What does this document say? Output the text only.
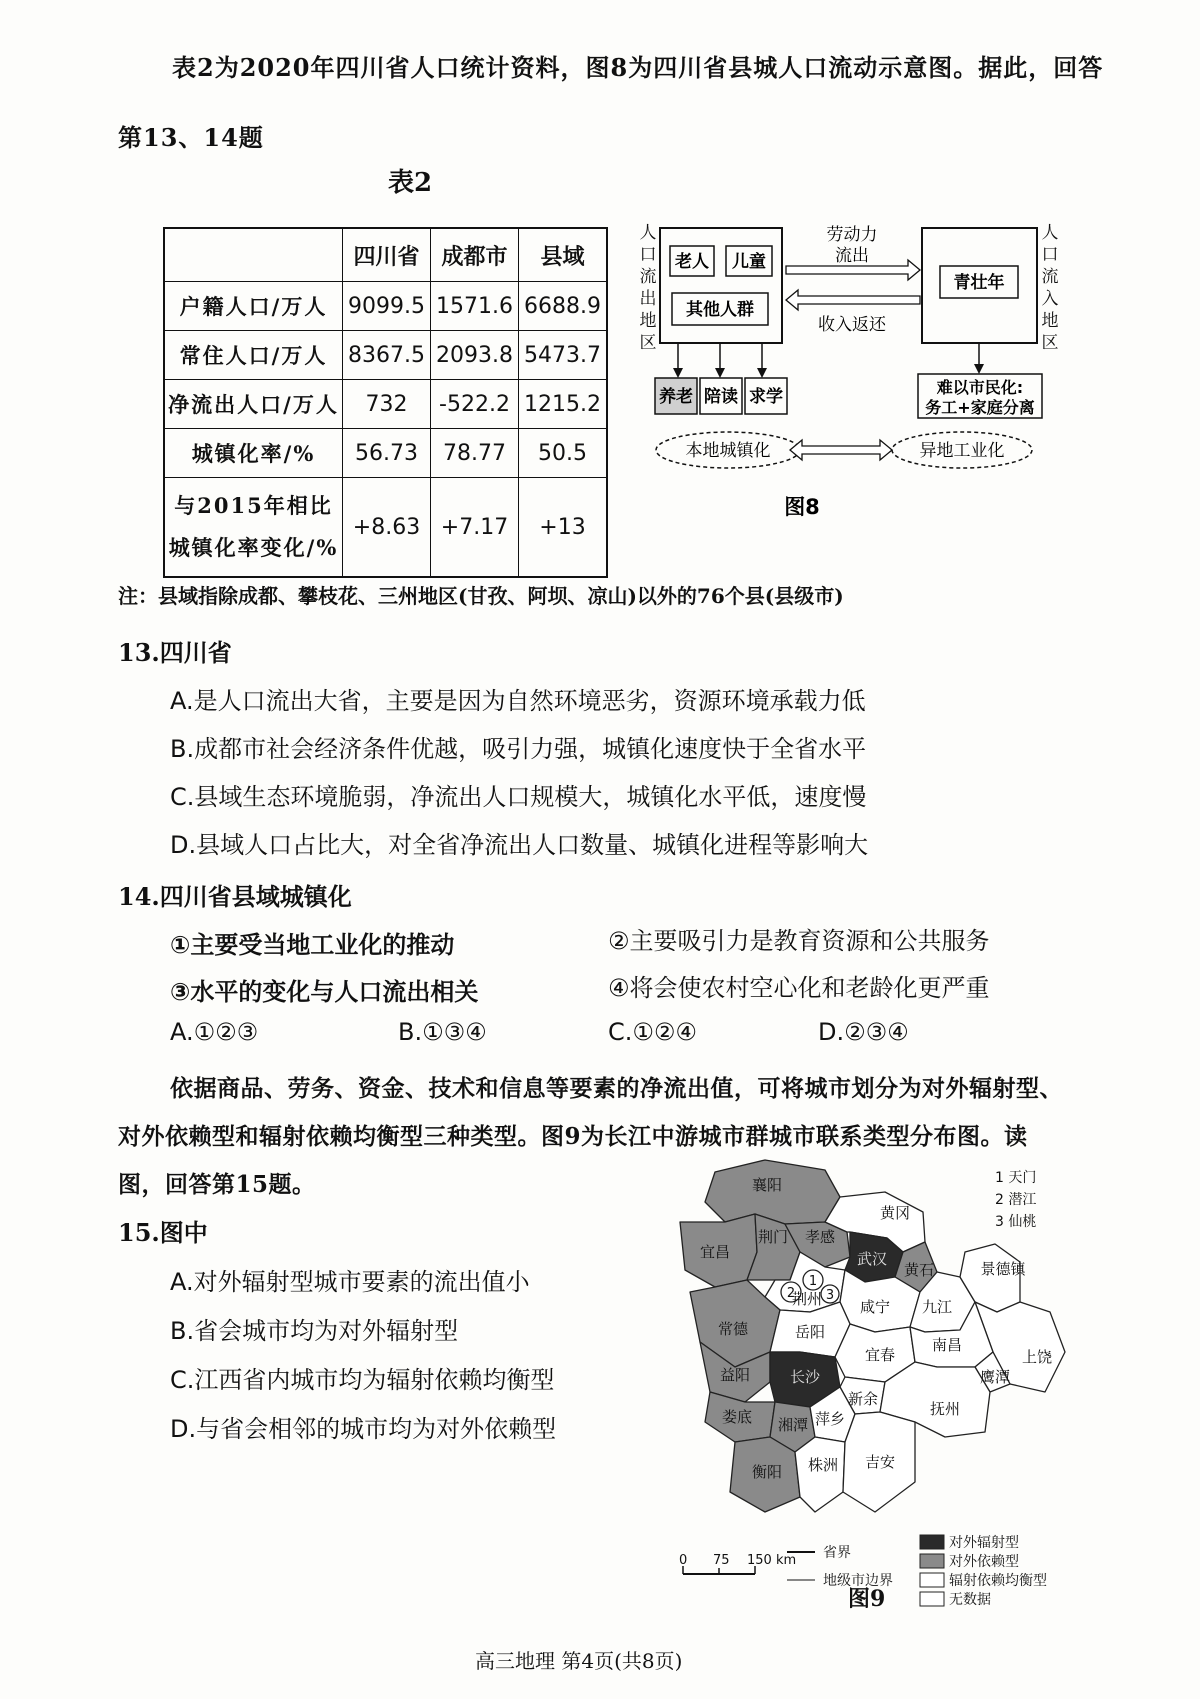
表2为2020年四川省人口统计资料，图8为四川省县城人口流动示意图。据此，回答
第13、14题
表2
	四川省	成都市	县域
户籍人口/万人	9099.5	1571.6	6688.9
常住人口/万人	8367.5	2093.8	5473.7
净流出人口/万人	732	-522.2	1215.2
城镇化率/%	56.73	78.77	50.5

与2015年相比
城镇化率变化/%	+8.63	+7.17	+13
人
口
流
出
地
区
人
口
流
入
地
区
老人 儿童
其他人群
青壮年
劳动力
流出
收入返还
养老 陪读 求学	难以市民化:
务工+家庭分离
本地城镇化	异地工业化
图8
注：县域指除成都、攀枝花、三州地区(甘孜、阿坝、凉山)以外的76个县(县级市)
13.四川省
A.是人口流出大省，主要是因为自然环境恶劣，资源环境承载力低
B.成都市社会经济条件优越，吸引力强，城镇化速度快于全省水平
C.县域生态环境脆弱，净流出人口规模大，城镇化水平低，速度慢
D.县域人口占比大，对全省净流出人口数量、城镇化进程等影响大
14.四川省县域城镇化
①主要受当地工业化的推动	②主要吸引力是教育资源和公共服务
③水平的变化与人口流出相关	④将会使农村空心化和老龄化更严重
A.①②③	B.①③④	C.①②④	D.②③④
依据商品、劳务、资金、技术和信息等要素的净流出值，可将城市划分为对外辐射型、
对外依赖型和辐射依赖均衡型三种类型。图9为长江中游城市群城市联系类型分布图。读
图，回答第15题。
15.图中
A.对外辐射型城市要素的流出值小
B.省会城市均为对外辐射型
C.江西省内城市均为辐射依赖均衡型
D.与省会相邻的城市均为对外依赖型
襄阳
荆门 孝感
黄冈
宜昌	武汉
黄石
荆州	咸宁 九江
景德镇
常德	岳阳
益阳	长沙
南昌
上饶
鹰潭
宜春
新余
娄底 湘潭 萍乡
抚州
衡阳 株洲 吉安
1
2 3
1 天门
2 潜江
3 仙桃
对外辐射型
对外依赖型
辐射依赖均衡型
无数据
0 75 150 km 省界
地级市边界
图9
高三地理 第4页(共8页)
